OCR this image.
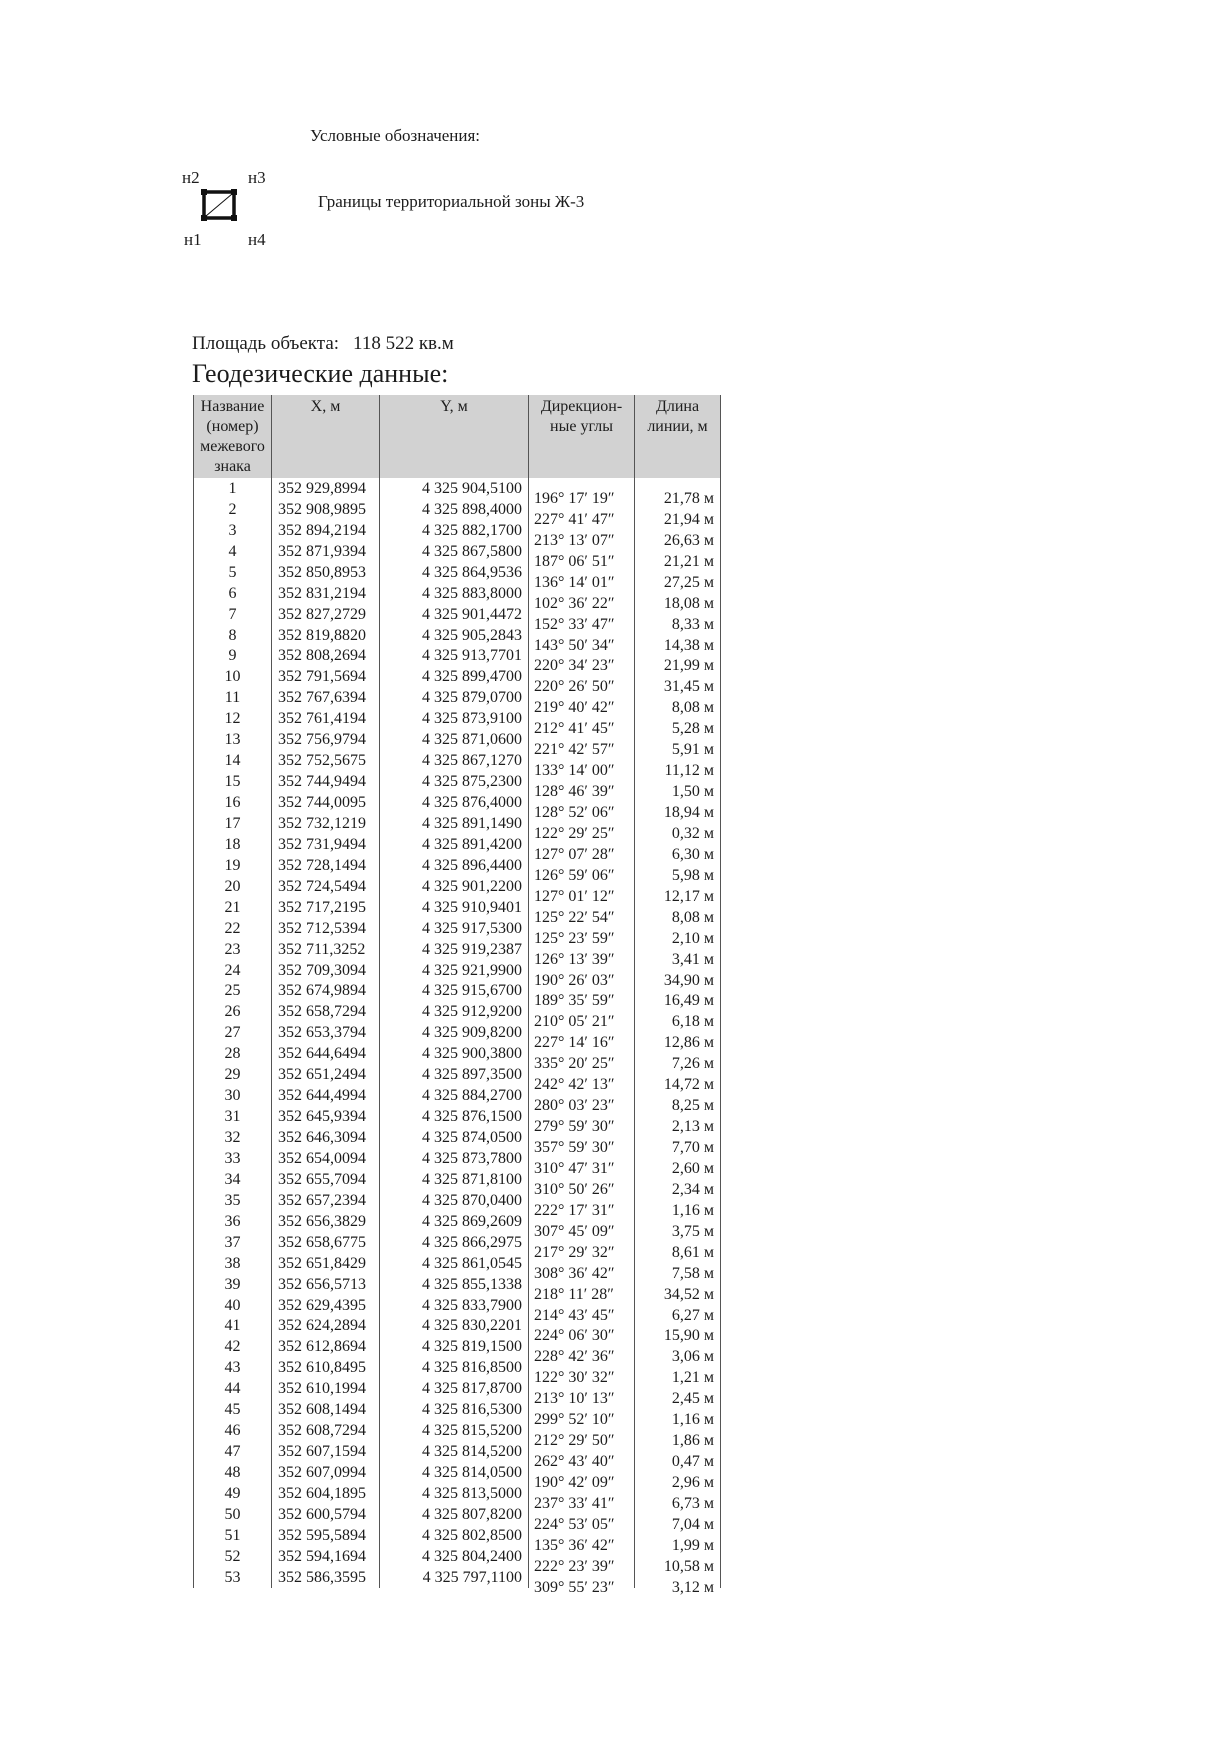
Условные обозначения:
н2	н3
н1	н4
Границы территориальной зоны Ж-3
Площадь объекта: 118 522 кв.м
Геодезические данные:
Название (номер) межевого знака	X, м	Y, м	Дирекцион-ные углы	Длина линии, м
1	352 929,8994	4 325 904,5100	196° 17′ 19″	21,78 м
2	352 908,9895	4 325 898,4000	227° 41′ 47″	21,94 м
3	352 894,2194	4 325 882,1700	213° 13′ 07″	26,63 м
4	352 871,9394	4 325 867,5800	187° 06′ 51″	21,21 м
5	352 850,8953	4 325 864,9536	136° 14′ 01″	27,25 м
6	352 831,2194	4 325 883,8000	102° 36′ 22″	18,08 м
7	352 827,2729	4 325 901,4472	152° 33′ 47″	8,33 м
8	352 819,8820	4 325 905,2843	143° 50′ 34″	14,38 м
9	352 808,2694	4 325 913,7701	220° 34′ 23″	21,99 м
10	352 791,5694	4 325 899,4700	220° 26′ 50″	31,45 м
11	352 767,6394	4 325 879,0700	219° 40′ 42″	8,08 м
12	352 761,4194	4 325 873,9100	212° 41′ 45″	5,28 м
13	352 756,9794	4 325 871,0600	221° 42′ 57″	5,91 м
14	352 752,5675	4 325 867,1270	133° 14′ 00″	11,12 м
15	352 744,9494	4 325 875,2300	128° 46′ 39″	1,50 м
16	352 744,0095	4 325 876,4000	128° 52′ 06″	18,94 м
17	352 732,1219	4 325 891,1490	122° 29′ 25″	0,32 м
18	352 731,9494	4 325 891,4200	127° 07′ 28″	6,30 м
19	352 728,1494	4 325 896,4400	126° 59′ 06″	5,98 м
20	352 724,5494	4 325 901,2200	127° 01′ 12″	12,17 м
21	352 717,2195	4 325 910,9401	125° 22′ 54″	8,08 м
22	352 712,5394	4 325 917,5300	125° 23′ 59″	2,10 м
23	352 711,3252	4 325 919,2387	126° 13′ 39″	3,41 м
24	352 709,3094	4 325 921,9900	190° 26′ 03″	34,90 м
25	352 674,9894	4 325 915,6700	189° 35′ 59″	16,49 м
26	352 658,7294	4 325 912,9200	210° 05′ 21″	6,18 м
27	352 653,3794	4 325 909,8200	227° 14′ 16″	12,86 м
28	352 644,6494	4 325 900,3800	335° 20′ 25″	7,26 м
29	352 651,2494	4 325 897,3500	242° 42′ 13″	14,72 м
30	352 644,4994	4 325 884,2700	280° 03′ 23″	8,25 м
31	352 645,9394	4 325 876,1500	279° 59′ 30″	2,13 м
32	352 646,3094	4 325 874,0500	357° 59′ 30″	7,70 м
33	352 654,0094	4 325 873,7800	310° 47′ 31″	2,60 м
34	352 655,7094	4 325 871,8100	310° 50′ 26″	2,34 м
35	352 657,2394	4 325 870,0400	222° 17′ 31″	1,16 м
36	352 656,3829	4 325 869,2609	307° 45′ 09″	3,75 м
37	352 658,6775	4 325 866,2975	217° 29′ 32″	8,61 м
38	352 651,8429	4 325 861,0545	308° 36′ 42″	7,58 м
39	352 656,5713	4 325 855,1338	218° 11′ 28″	34,52 м
40	352 629,4395	4 325 833,7900	214° 43′ 45″	6,27 м
41	352 624,2894	4 325 830,2201	224° 06′ 30″	15,90 м
42	352 612,8694	4 325 819,1500	228° 42′ 36″	3,06 м
43	352 610,8495	4 325 816,8500	122° 30′ 32″	1,21 м
44	352 610,1994	4 325 817,8700	213° 10′ 13″	2,45 м
45	352 608,1494	4 325 816,5300	299° 52′ 10″	1,16 м
46	352 608,7294	4 325 815,5200	212° 29′ 50″	1,86 м
47	352 607,1594	4 325 814,5200	262° 43′ 40″	0,47 м
48	352 607,0994	4 325 814,0500	190° 42′ 09″	2,96 м
49	352 604,1895	4 325 813,5000	237° 33′ 41″	6,73 м
50	352 600,5794	4 325 807,8200	224° 53′ 05″	7,04 м
51	352 595,5894	4 325 802,8500	135° 36′ 42″	1,99 м
52	352 594,1694	4 325 804,2400	222° 23′ 39″	10,58 м
53	352 586,3595	4 325 797,1100	309° 55′ 23″	3,12 м
